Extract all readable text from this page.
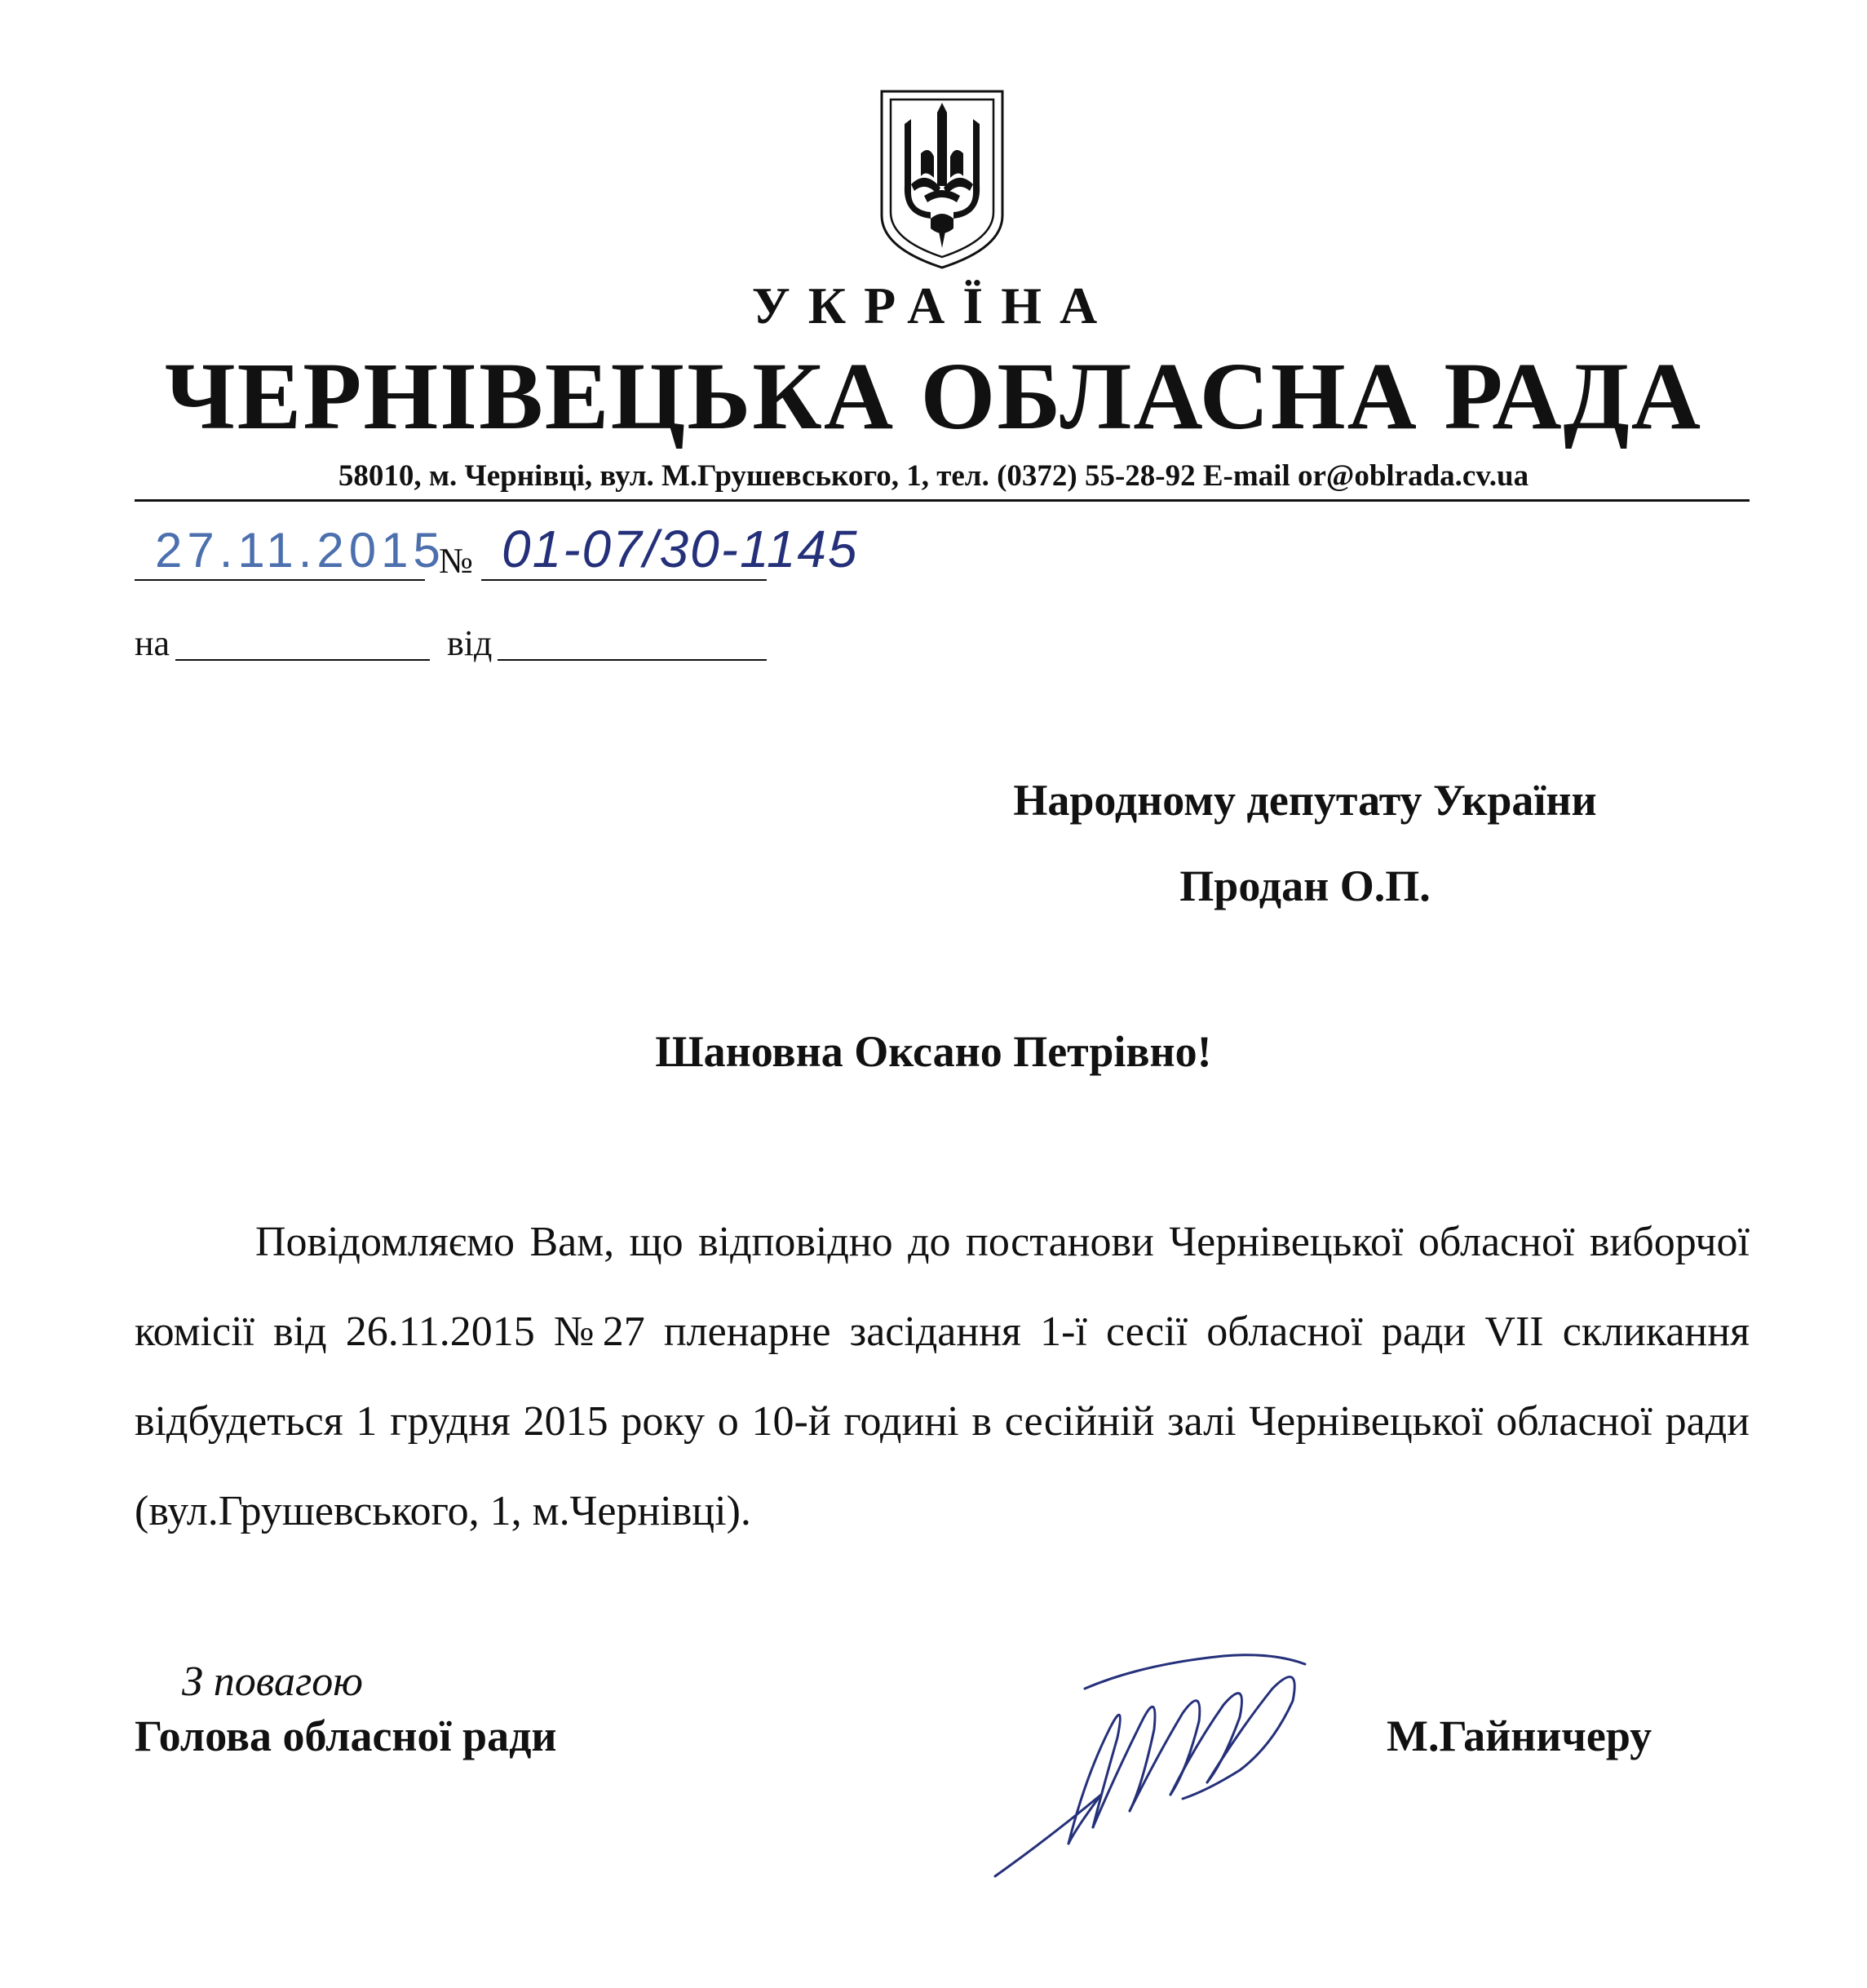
УКРАЇНА
ЧЕРНІВЕЦЬКА ОБЛАСНА РАДА
58010, м. Чернівці, вул. М.Грушевського, 1, тел. (0372) 55-28-92 E-mail or@oblrada.cv.ua
27.11.2015
№ 01-07/30-1145
на	від
Народному депутату України
Продан О.П.
Шановна Оксано Петрівно!
Повідомляємо Вам, що відповідно до постанови Чернівецької обласної виборчої комісії від 26.11.2015 №27 пленарне засідання 1-ї сесії обласної ради VII скликання відбудеться 1 грудня 2015 року о 10-й годині в сесійній залі Чернівецької обласної ради (вул.Грушевського, 1, м.Чернівці).
З повагою
Голова обласної ради	М.Гайничеру
